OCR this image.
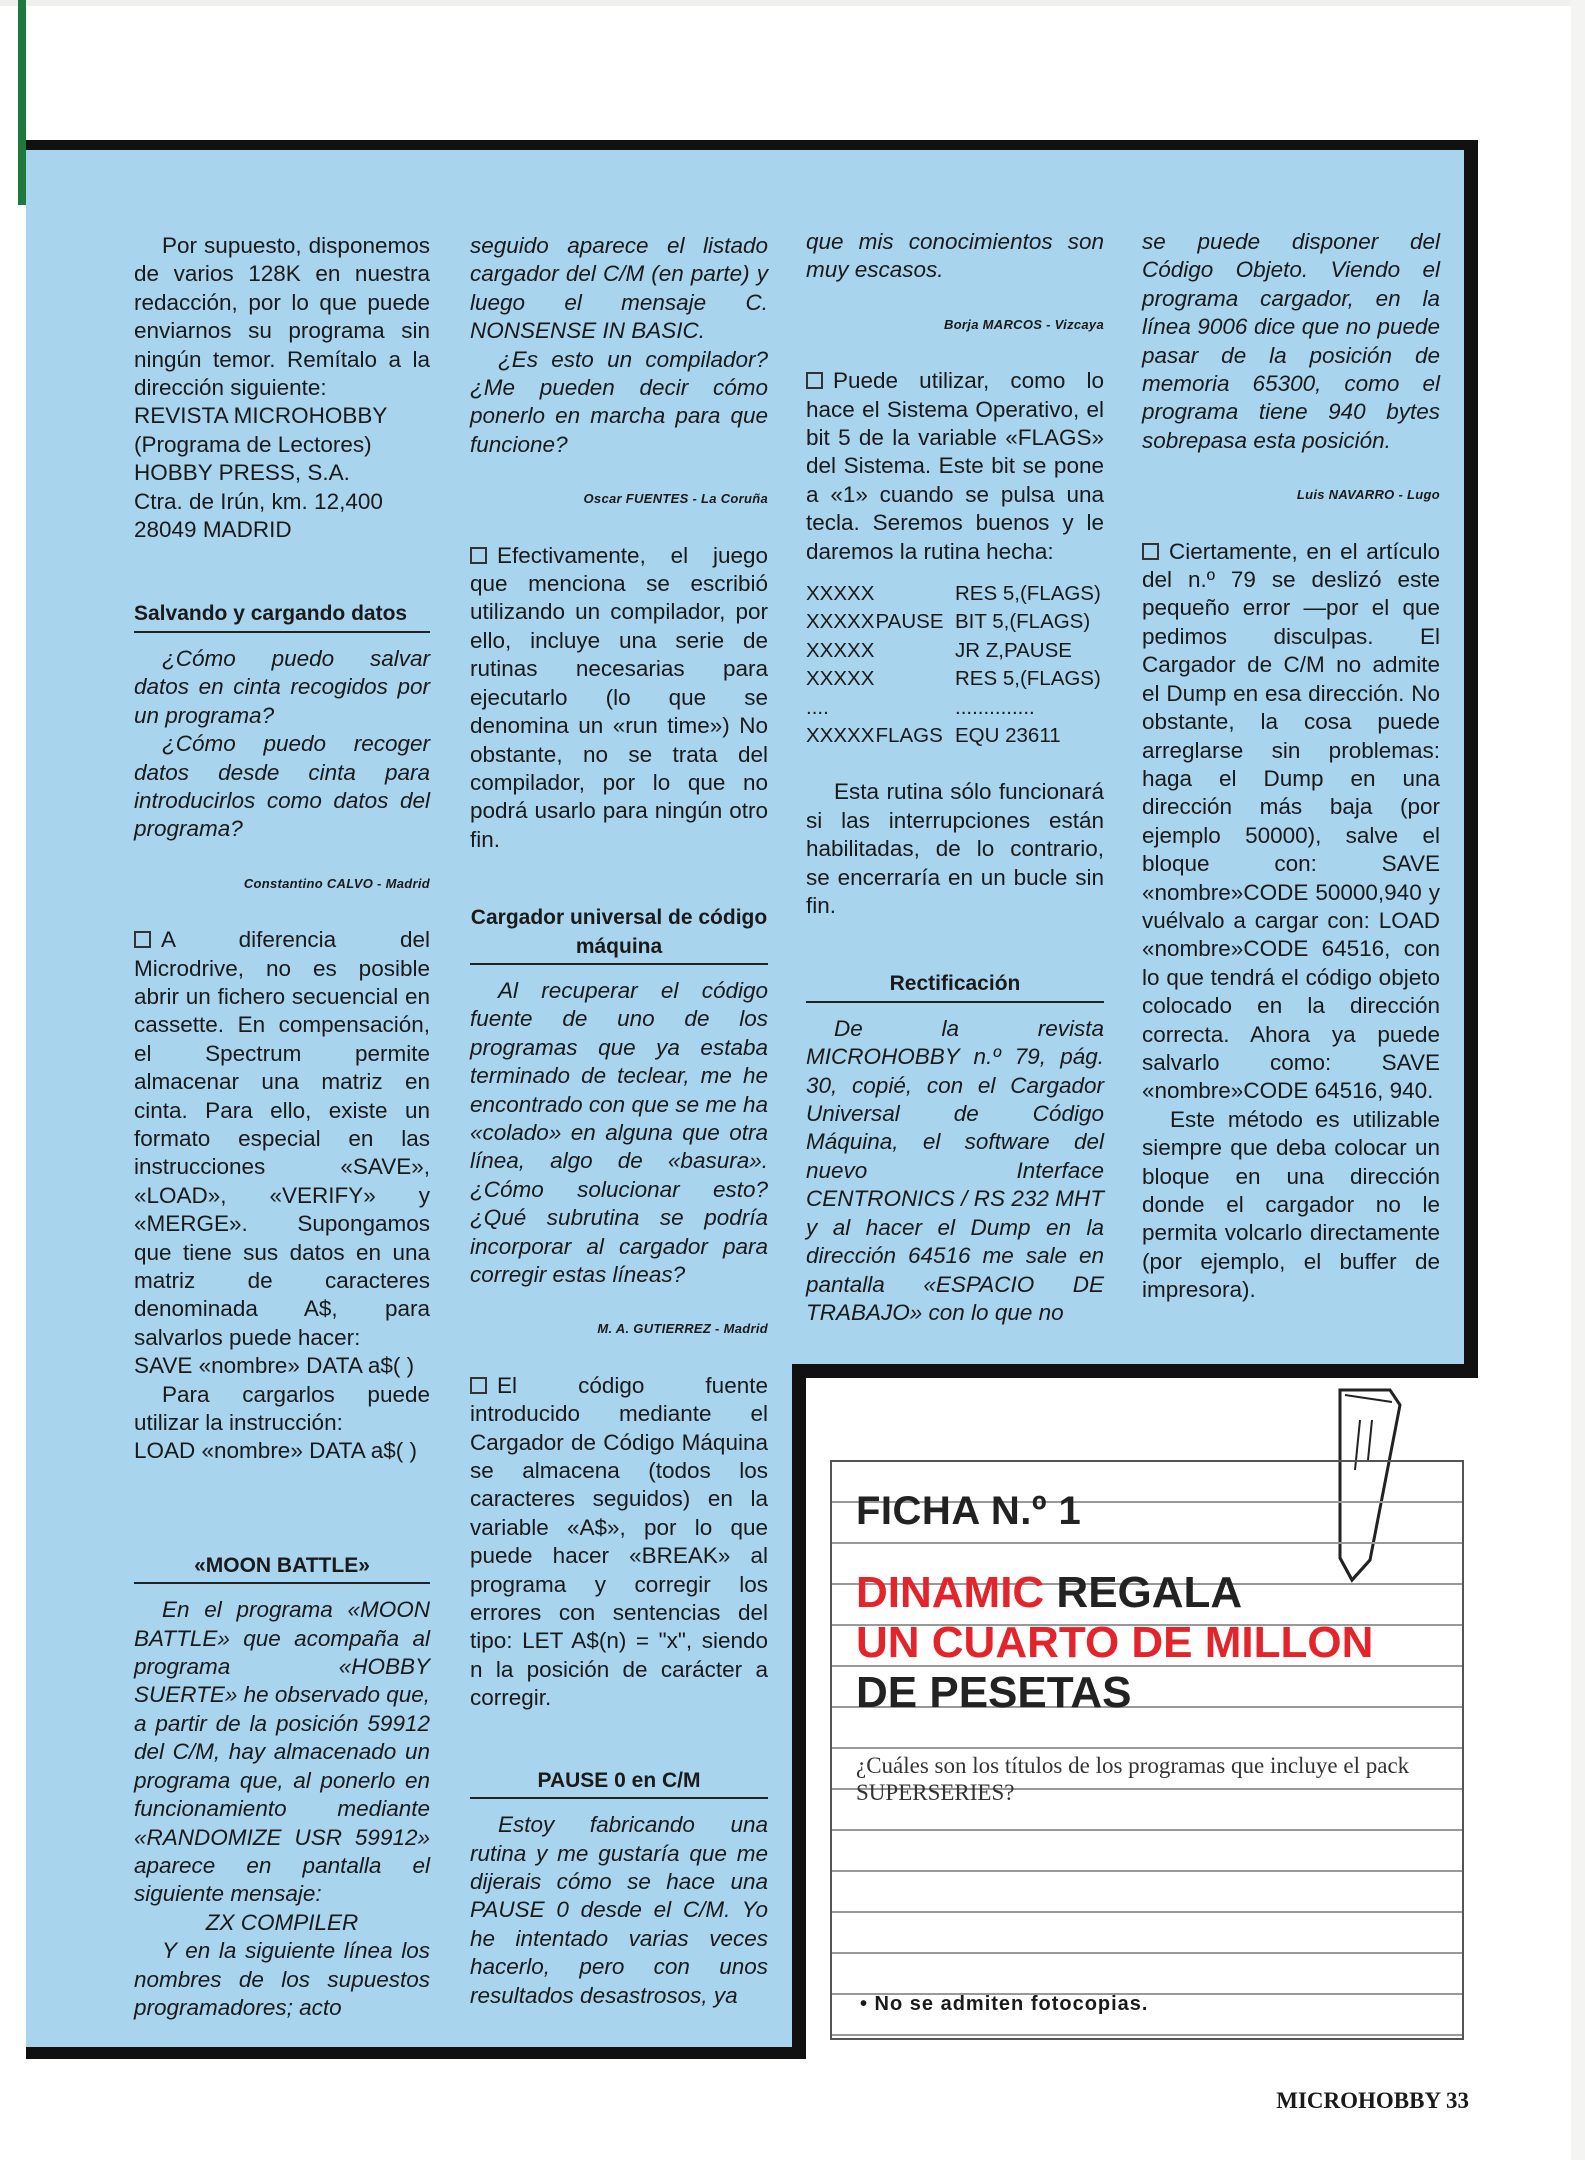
Por supuesto, disponemos de varios 128K en nuestra redacción, por lo que puede enviarnos su programa sin ningún temor. Remítalo a la dirección siguiente:

REVISTA MICROHOBBY
(Programa de Lectores)
HOBBY PRESS, S.A.
Ctra. de Irún, km. 12,400
28049 MADRID
Salvando y cargando datos

¿Cómo puedo salvar datos en cinta recogidos por un programa?

¿Cómo puedo recoger datos desde cinta para introducirlos como datos del programa?

Constantino CALVO - Madrid

A diferencia del Microdrive, no es posible abrir un fichero secuencial en cassette. En compensación, el Spectrum permite almacenar una matriz en cinta. Para ello, existe un formato especial en las instrucciones «SAVE», «LOAD», «VERIFY» y «MERGE». Supongamos que tiene sus datos en una matriz de caracteres denominada A$, para salvarlos puede hacer:

SAVE «nombre» DATA a$( )

Para cargarlos puede utilizar la instrucción:

LOAD «nombre» DATA a$( )
«MOON BATTLE»

En el programa «MOON BATTLE» que acompaña al programa «HOBBY SUERTE» he observado que, a partir de la posición 59912 del C/M, hay almacenado un programa que, al ponerlo en funcionamiento mediante «RANDOMIZE USR 59912» aparece en pantalla el siguiente mensaje:

ZX COMPILER

Y en la siguiente línea los nombres de los supuestos programadores; acto

seguido aparece el listado cargador del C/M (en parte) y luego el mensaje C. NONSENSE IN BASIC.

¿Es esto un compilador? ¿Me pueden decir cómo ponerlo en marcha para que funcione?

Oscar FUENTES - La Coruña

Efectivamente, el juego que menciona se escribió utilizando un compilador, por ello, incluye una serie de rutinas necesarias para ejecutarlo (lo que se denomina un «run time») No obstante, no se trata del compilador, por lo que no podrá usarlo para ningún otro fin.

Cargador universal de código máquina

Al recuperar el código fuente de uno de los programas que ya estaba terminado de teclear, me he encontrado con que se me ha «colado» en alguna que otra línea, algo de «basura». ¿Cómo solucionar esto? ¿Qué subrutina se podría incorporar al cargador para corregir estas líneas?

M. A. GUTIERREZ - Madrid

El código fuente introducido mediante el Cargador de Código Máquina se almacena (todos los caracteres seguidos) en la variable «A$», por lo que puede hacer «BREAK» al programa y corregir los errores con sentencias del tipo: LET A$(n) = "x", siendo n la posición de carácter a corregir.

PAUSE 0 en C/M

Estoy fabricando una rutina y me gustaría que me dijerais cómo se hace una PAUSE 0 desde el C/M. Yo he intentado varias veces hacerlo, pero con unos resultados desastrosos, ya

que mis conocimientos son muy escasos.

Borja MARCOS - Vizcaya

Puede utilizar, como lo hace el Sistema Operativo, el bit 5 de la variable «FLAGS» del Sistema. Este bit se pone a «1» cuando se pulsa una tecla. Seremos buenos y le daremos la rutina hecha:

XXXXX	RES 5,(FLAGS)
XXXXX PAUSE BIT 5,(FLAGS)
XXXXX	JR Z,PAUSE
XXXXX	RES 5,(FLAGS)
....	..............
XXXXX FLAGS EQU 23611

Esta rutina sólo funcionará si las interrupciones están habilitadas, de lo contrario, se encerraría en un bucle sin fin.

Rectificación

De la revista MICROHOBBY n.º 79, pág. 30, copié, con el Cargador Universal de Código Máquina, el software del nuevo Interface CENTRONICS / RS 232 MHT y al hacer el Dump en la dirección 64516 me sale en pantalla «ESPACIO DE TRABAJO» con lo que no

se puede disponer del Código Objeto. Viendo el programa cargador, en la línea 9006 dice que no puede pasar de la posición de memoria 65300, como el programa tiene 940 bytes sobrepasa esta posición.

Luis NAVARRO - Lugo

Ciertamente, en el artículo del n.º 79 se deslizó este pequeño error —por el que pedimos disculpas. El Cargador de C/M no admite el Dump en esa dirección. No obstante, la cosa puede arreglarse sin problemas: haga el Dump en una dirección más baja (por ejemplo 50000), salve el bloque con: SAVE «nombre»CODE 50000,940 y vuélvalo a cargar con: LOAD «nombre»CODE 64516, con lo que tendrá el código objeto colocado en la dirección correcta. Ahora ya puede salvarlo como: SAVE «nombre»CODE 64516, 940.

Este método es utilizable siempre que deba colocar un bloque en una dirección donde el cargador no le permita volcarlo directamente (por ejemplo, el buffer de impresora).

FICHA N.º 1
DINAMIC REGALA
UN CUARTO DE MILLON
DE PESETAS
¿Cuáles son los títulos de los programas que incluye el pack SUPERSERIES?
• No se admiten fotocopias.
MICROHOBBY 33
